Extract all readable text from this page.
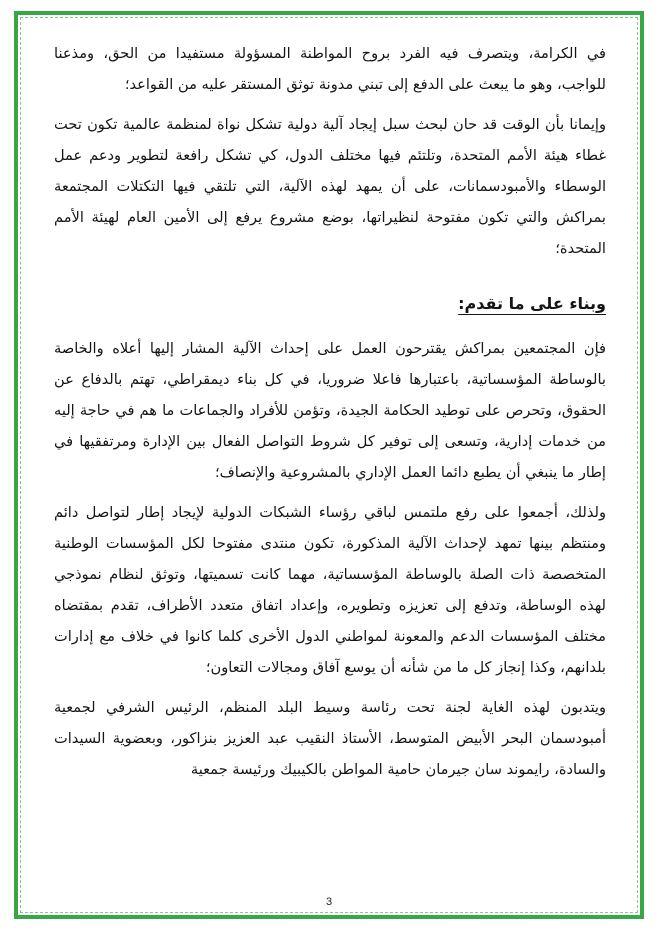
في الكرامة، ويتصرف فيه الفرد بروح المواطنة المسؤولة مستفيدا من الحق، ومذعنا للواجب، وهو ما يبعث على الدفع إلى تبني مدونة توثق المستقر عليه من القواعد؛

وإيمانا بأن الوقت قد حان لبحث سبل إيجاد آلية دولية تشكل نواة لمنظمة عالمية تكون تحت غطاء هيئة الأمم المتحدة، وتلتئم فيها مختلف الدول، كي تشكل رافعة لتطوير ودعم عمل الوسطاء والأمبودسمانات، على أن يمهد لهذه الآلية، التي تلتقي فيها التكتلات المجتمعة بمراكش والتي تكون مفتوحة لنظيراتها، بوضع مشروع يرفع إلى الأمين العام لهيئة الأمم المتحدة؛

وبناء على ما تقدم:

فإن المجتمعين بمراكش يقترحون العمل على إحداث الآلية المشار إليها أعلاه والخاصة بالوساطة المؤسساتية، باعتبارها فاعلا ضروريا، في كل بناء ديمقراطي، تهتم بالدفاع عن الحقوق، وتحرص على توطيد الحكامة الجيدة، وتؤمن للأفراد والجماعات ما هم في حاجة إليه من خدمات إدارية، وتسعى إلى توفير كل شروط التواصل الفعال بين الإدارة ومرتفقيها في إطار ما ينبغي أن يطبع دائما العمل الإداري بالمشروعية والإنصاف؛

ولذلك، أجمعوا على رفع ملتمس لباقي رؤساء الشبكات الدولية لإيجاد إطار لتواصل دائم ومنتظم بينها تمهد لإحداث الآلية المذكورة، تكون منتدى مفتوحا لكل المؤسسات الوطنية المتخصصة ذات الصلة بالوساطة المؤسساتية، مهما كانت تسميتها، وتوثق لنظام نموذجي لهذه الوساطة، وتدفع إلى تعزيزه وتطويره، وإعداد اتفاق متعدد الأطراف، تقدم بمقتضاه مختلف المؤسسات الدعم والمعونة لمواطني الدول الأخرى كلما كانوا في خلاف مع إدارات بلدانهم، وكذا إنجاز كل ما من شأنه أن يوسع آفاق ومجالات التعاون؛

ويتدبون لهذه الغاية لجنة تحت رئاسة وسيط البلد المنظم، الرئيس الشرفي لجمعية أمبودسمان البحر الأبيض المتوسط، الأستاذ النقيب عبد العزيز بنزاكور، وبعضوية السيدات والسادة، رايموند سان جيرمان حامية المواطن بالكيبيك ورئيسة جمعية

3
